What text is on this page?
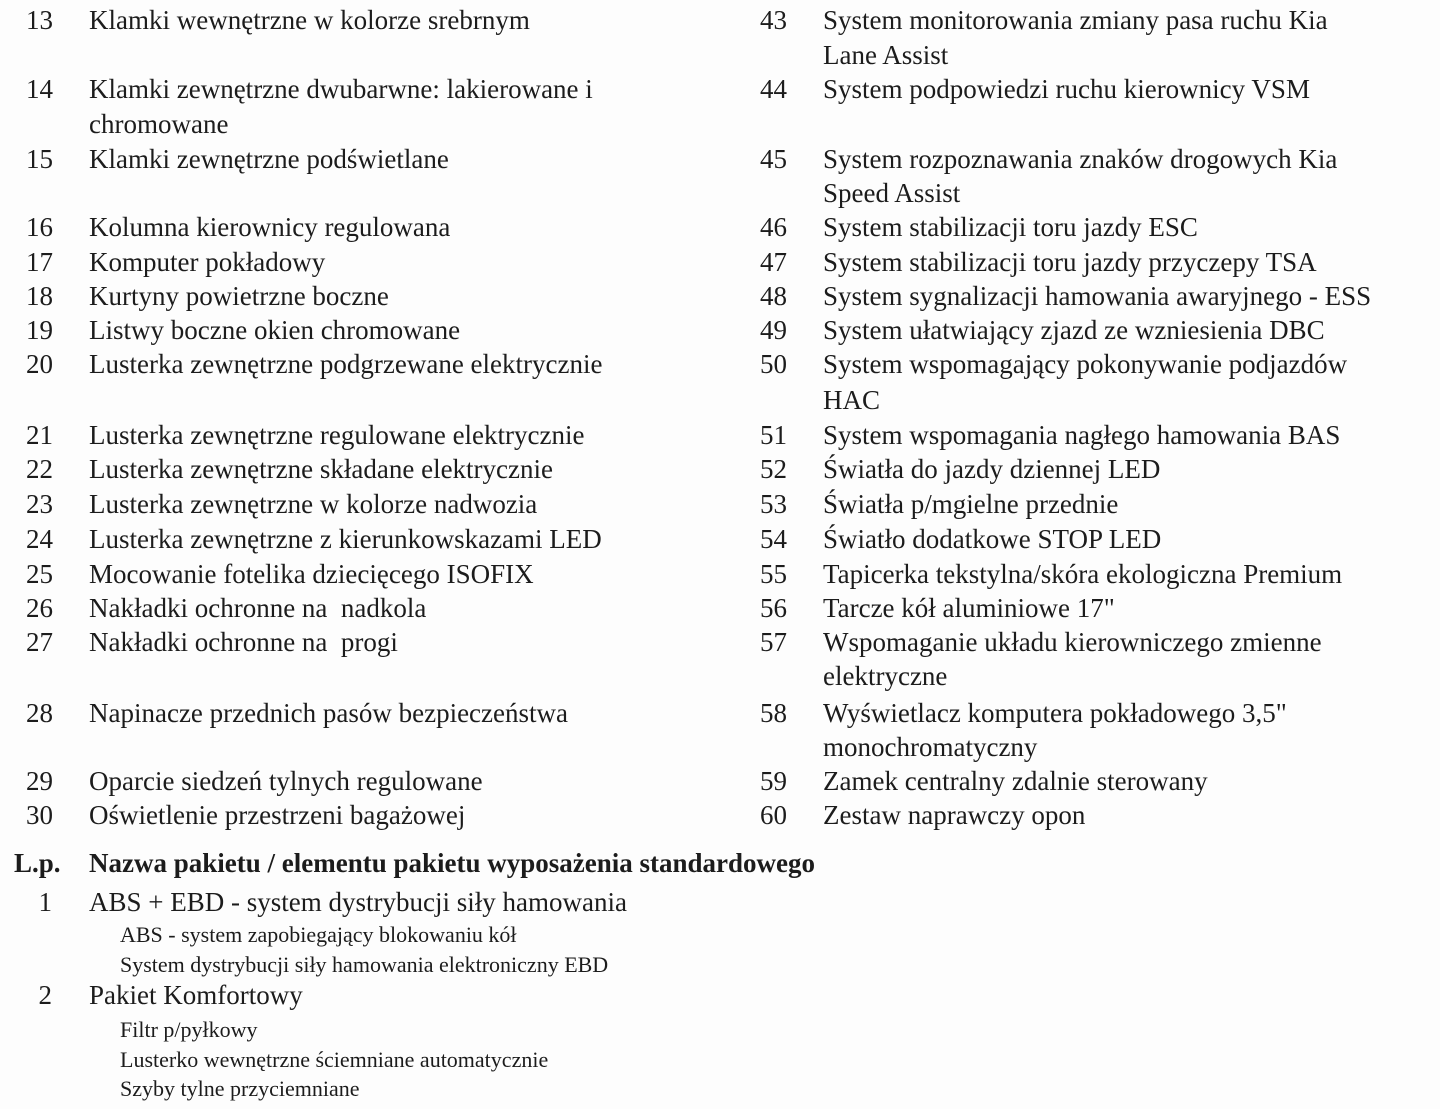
13 Klamki wewnętrzne w kolorze srebrnym
14 Klamki zewnętrzne dwubarwne: lakierowane i
chromowane
15 Klamki zewnętrzne podświetlane
16 Kolumna kierownicy regulowana
17 Komputer pokładowy
18 Kurtyny powietrzne boczne
19 Listwy boczne okien chromowane
20 Lusterka zewnętrzne podgrzewane elektrycznie
21 Lusterka zewnętrzne regulowane elektrycznie
22 Lusterka zewnętrzne składane elektrycznie
23 Lusterka zewnętrzne w kolorze nadwozia
24 Lusterka zewnętrzne z kierunkowskazami LED
25 Mocowanie fotelika dziecięcego ISOFIX
26 Nakładki ochronne na  nadkola
27 Nakładki ochronne na  progi
28 Napinacze przednich pasów bezpieczeństwa
29 Oparcie siedzeń tylnych regulowane
30 Oświetlenie przestrzeni bagażowej
43 System monitorowania zmiany pasa ruchu Kia
Lane Assist
44 System podpowiedzi ruchu kierownicy VSM
45 System rozpoznawania znaków drogowych Kia
Speed Assist
46 System stabilizacji toru jazdy ESC
47 System stabilizacji toru jazdy przyczepy TSA
48 System sygnalizacji hamowania awaryjnego - ESS
49 System ułatwiający zjazd ze wzniesienia DBC
50 System wspomagający pokonywanie podjazdów
HAC
51 System wspomagania nagłego hamowania BAS
52 Światła do jazdy dziennej LED
53 Światła p/mgielne przednie
54 Światło dodatkowe STOP LED
55 Tapicerka tekstylna/skóra ekologiczna Premium
56 Tarcze kół aluminiowe 17"
57 Wspomaganie układu kierowniczego zmienne
elektryczne
58 Wyświetlacz komputera pokładowego 3,5"
monochromatyczny
59 Zamek centralny zdalnie sterowany
60 Zestaw naprawczy opon
L.p. Nazwa pakietu / elementu pakietu wyposażenia standardowego
1 ABS + EBD - system dystrybucji siły hamowania
ABS - system zapobiegający blokowaniu kół
System dystrybucji siły hamowania elektroniczny EBD
2 Pakiet Komfortowy
Filtr p/pyłkowy
Lusterko wewnętrzne ściemniane automatycznie
Szyby tylne przyciemniane
